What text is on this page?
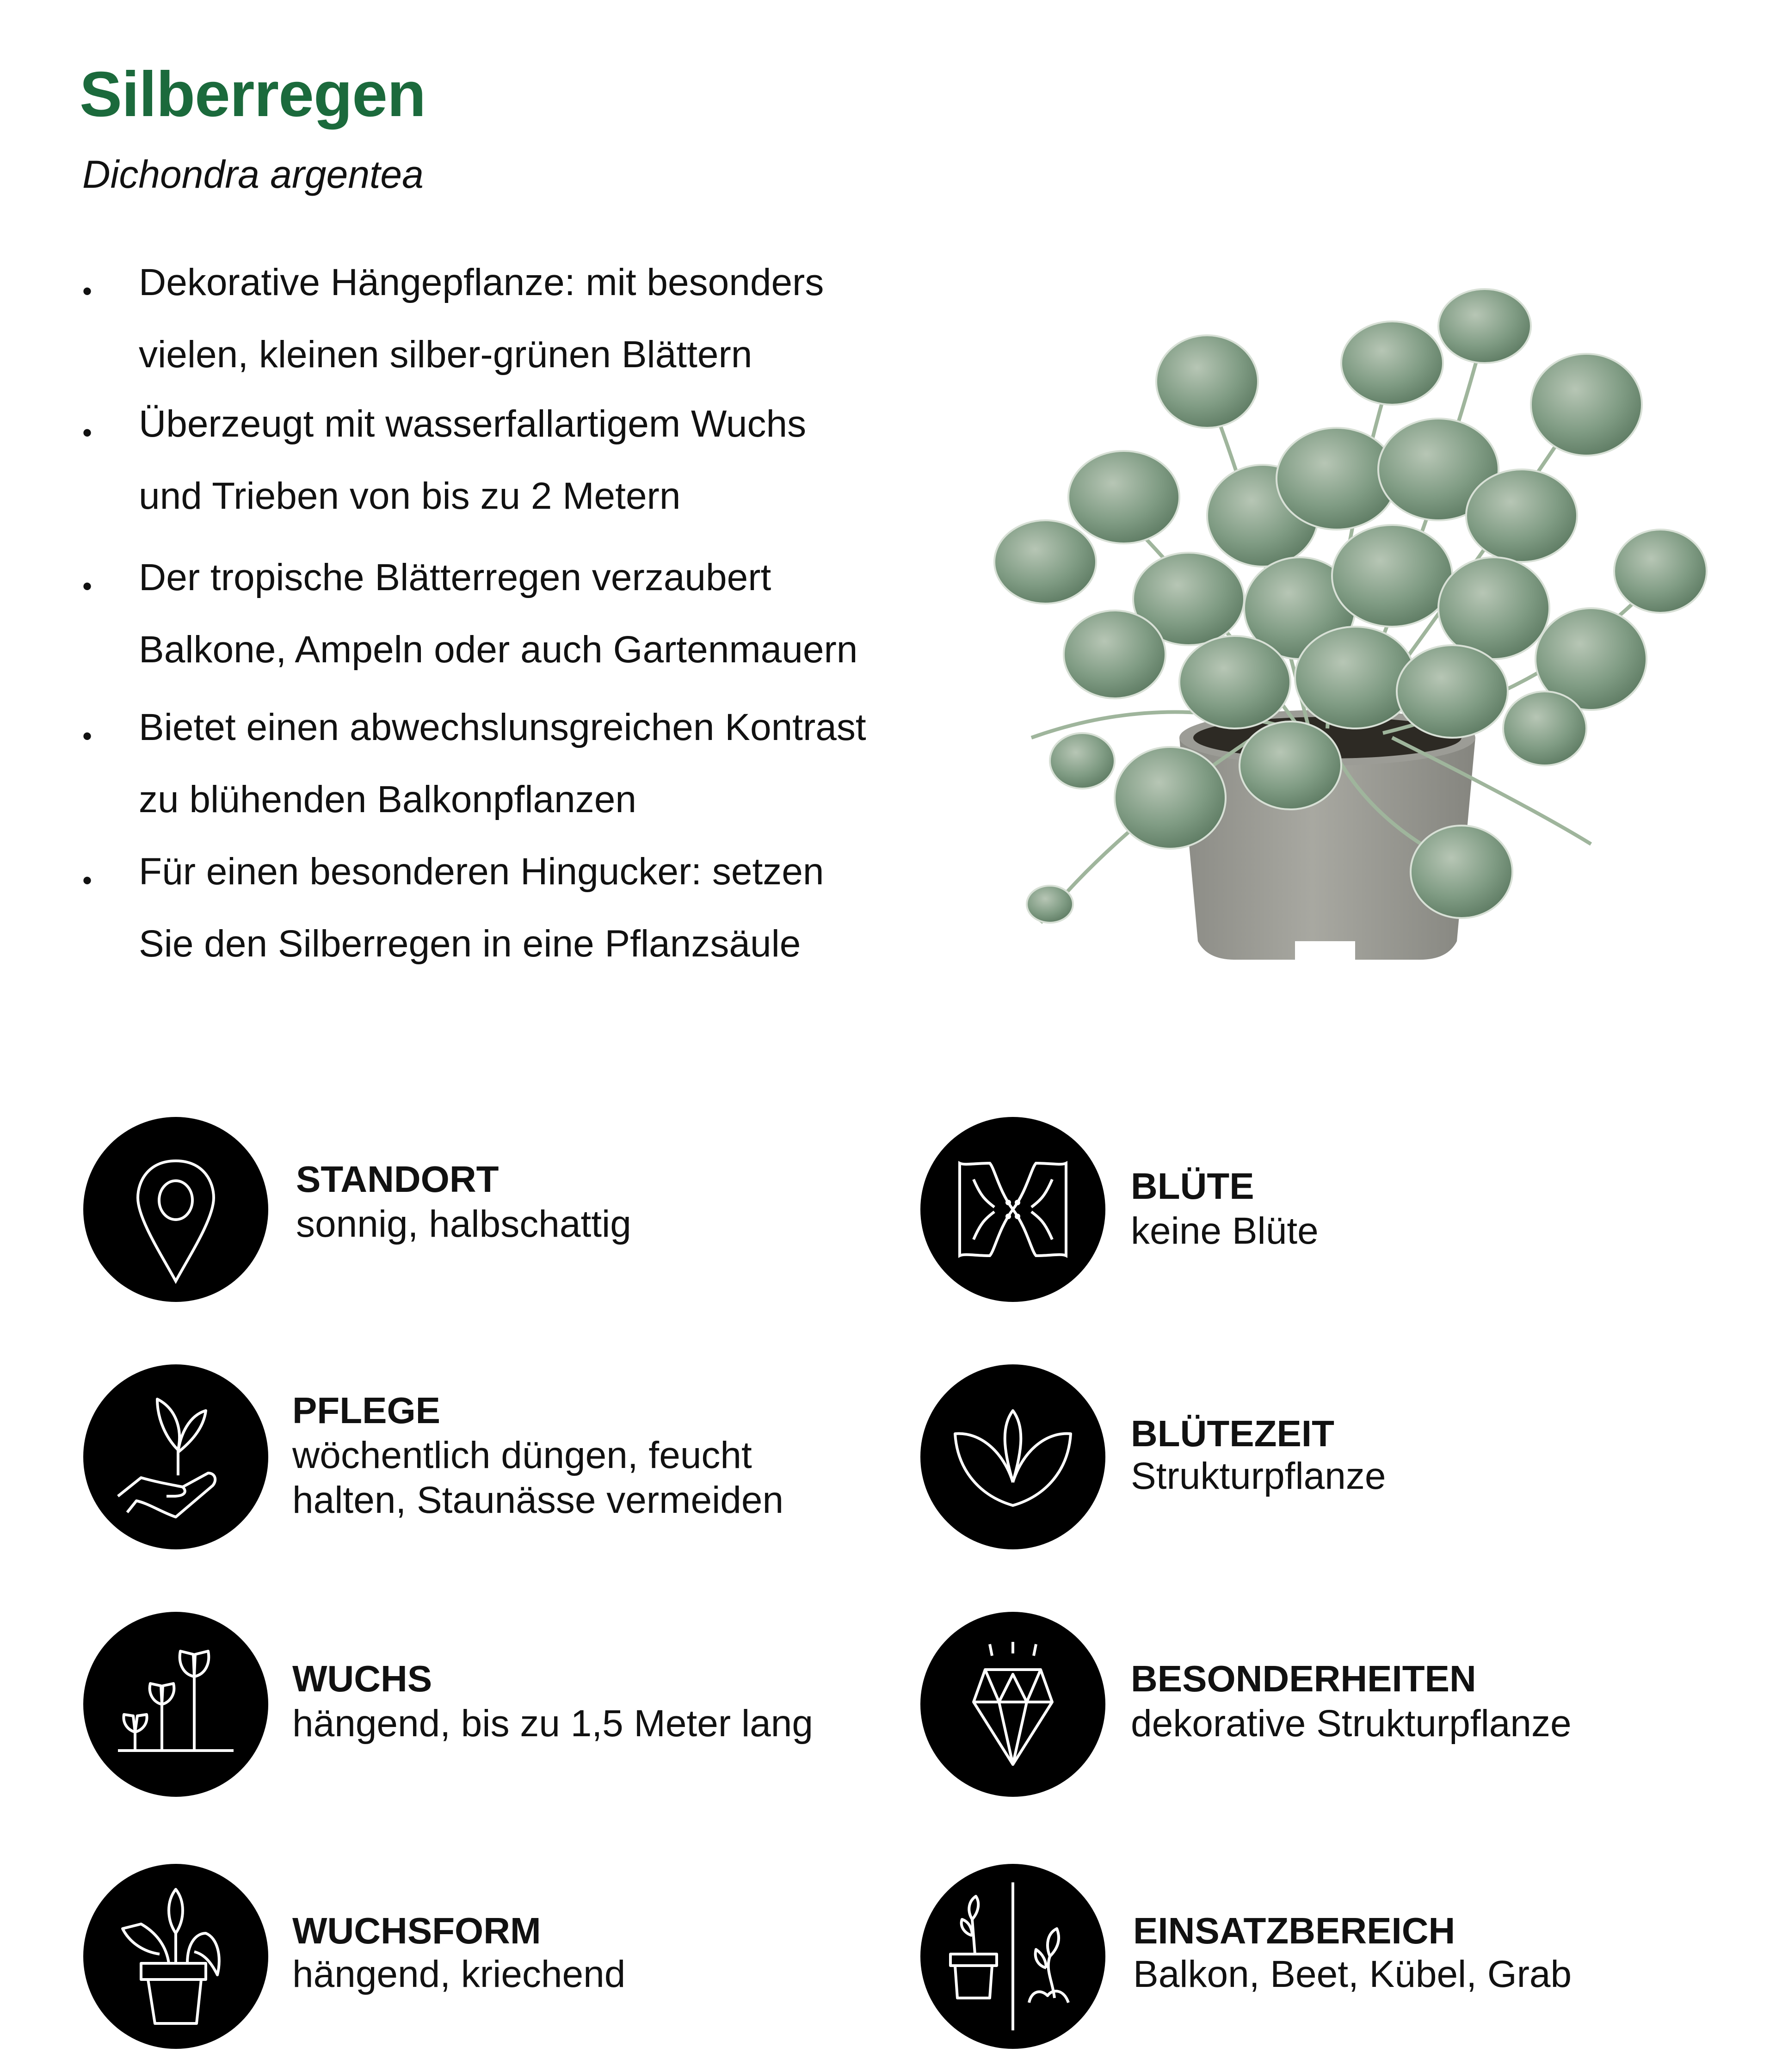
Silberregen
Dichondra argentea
• Dekorative Hängepflanze: mit besonders
vielen, kleinen silber-grünen Blättern
• Überzeugt mit wasserfallartigem Wuchs
und Trieben von bis zu 2 Metern
• Der tropische Blätterregen verzaubert
Balkone, Ampeln oder auch Gartenmauern
• Bietet einen abwechslunsgreichen Kontrast
zu blühenden Balkonpflanzen
• Für einen besonderen Hingucker: setzen
Sie den Silberregen in eine Pflanzsäule
STANDORT
sonnig, halbschattig
BLÜTE
keine Blüte
PFLEGE
wöchentlich düngen, feucht
halten, Staunässe vermeiden
BLÜTEZEIT
Strukturpflanze
WUCHS
hängend, bis zu 1,5 Meter lang
BESONDERHEITEN
dekorative Strukturpflanze
WUCHSFORM
hängend, kriechend
EINSATZBEREICH
Balkon, Beet, Kübel, Grab
